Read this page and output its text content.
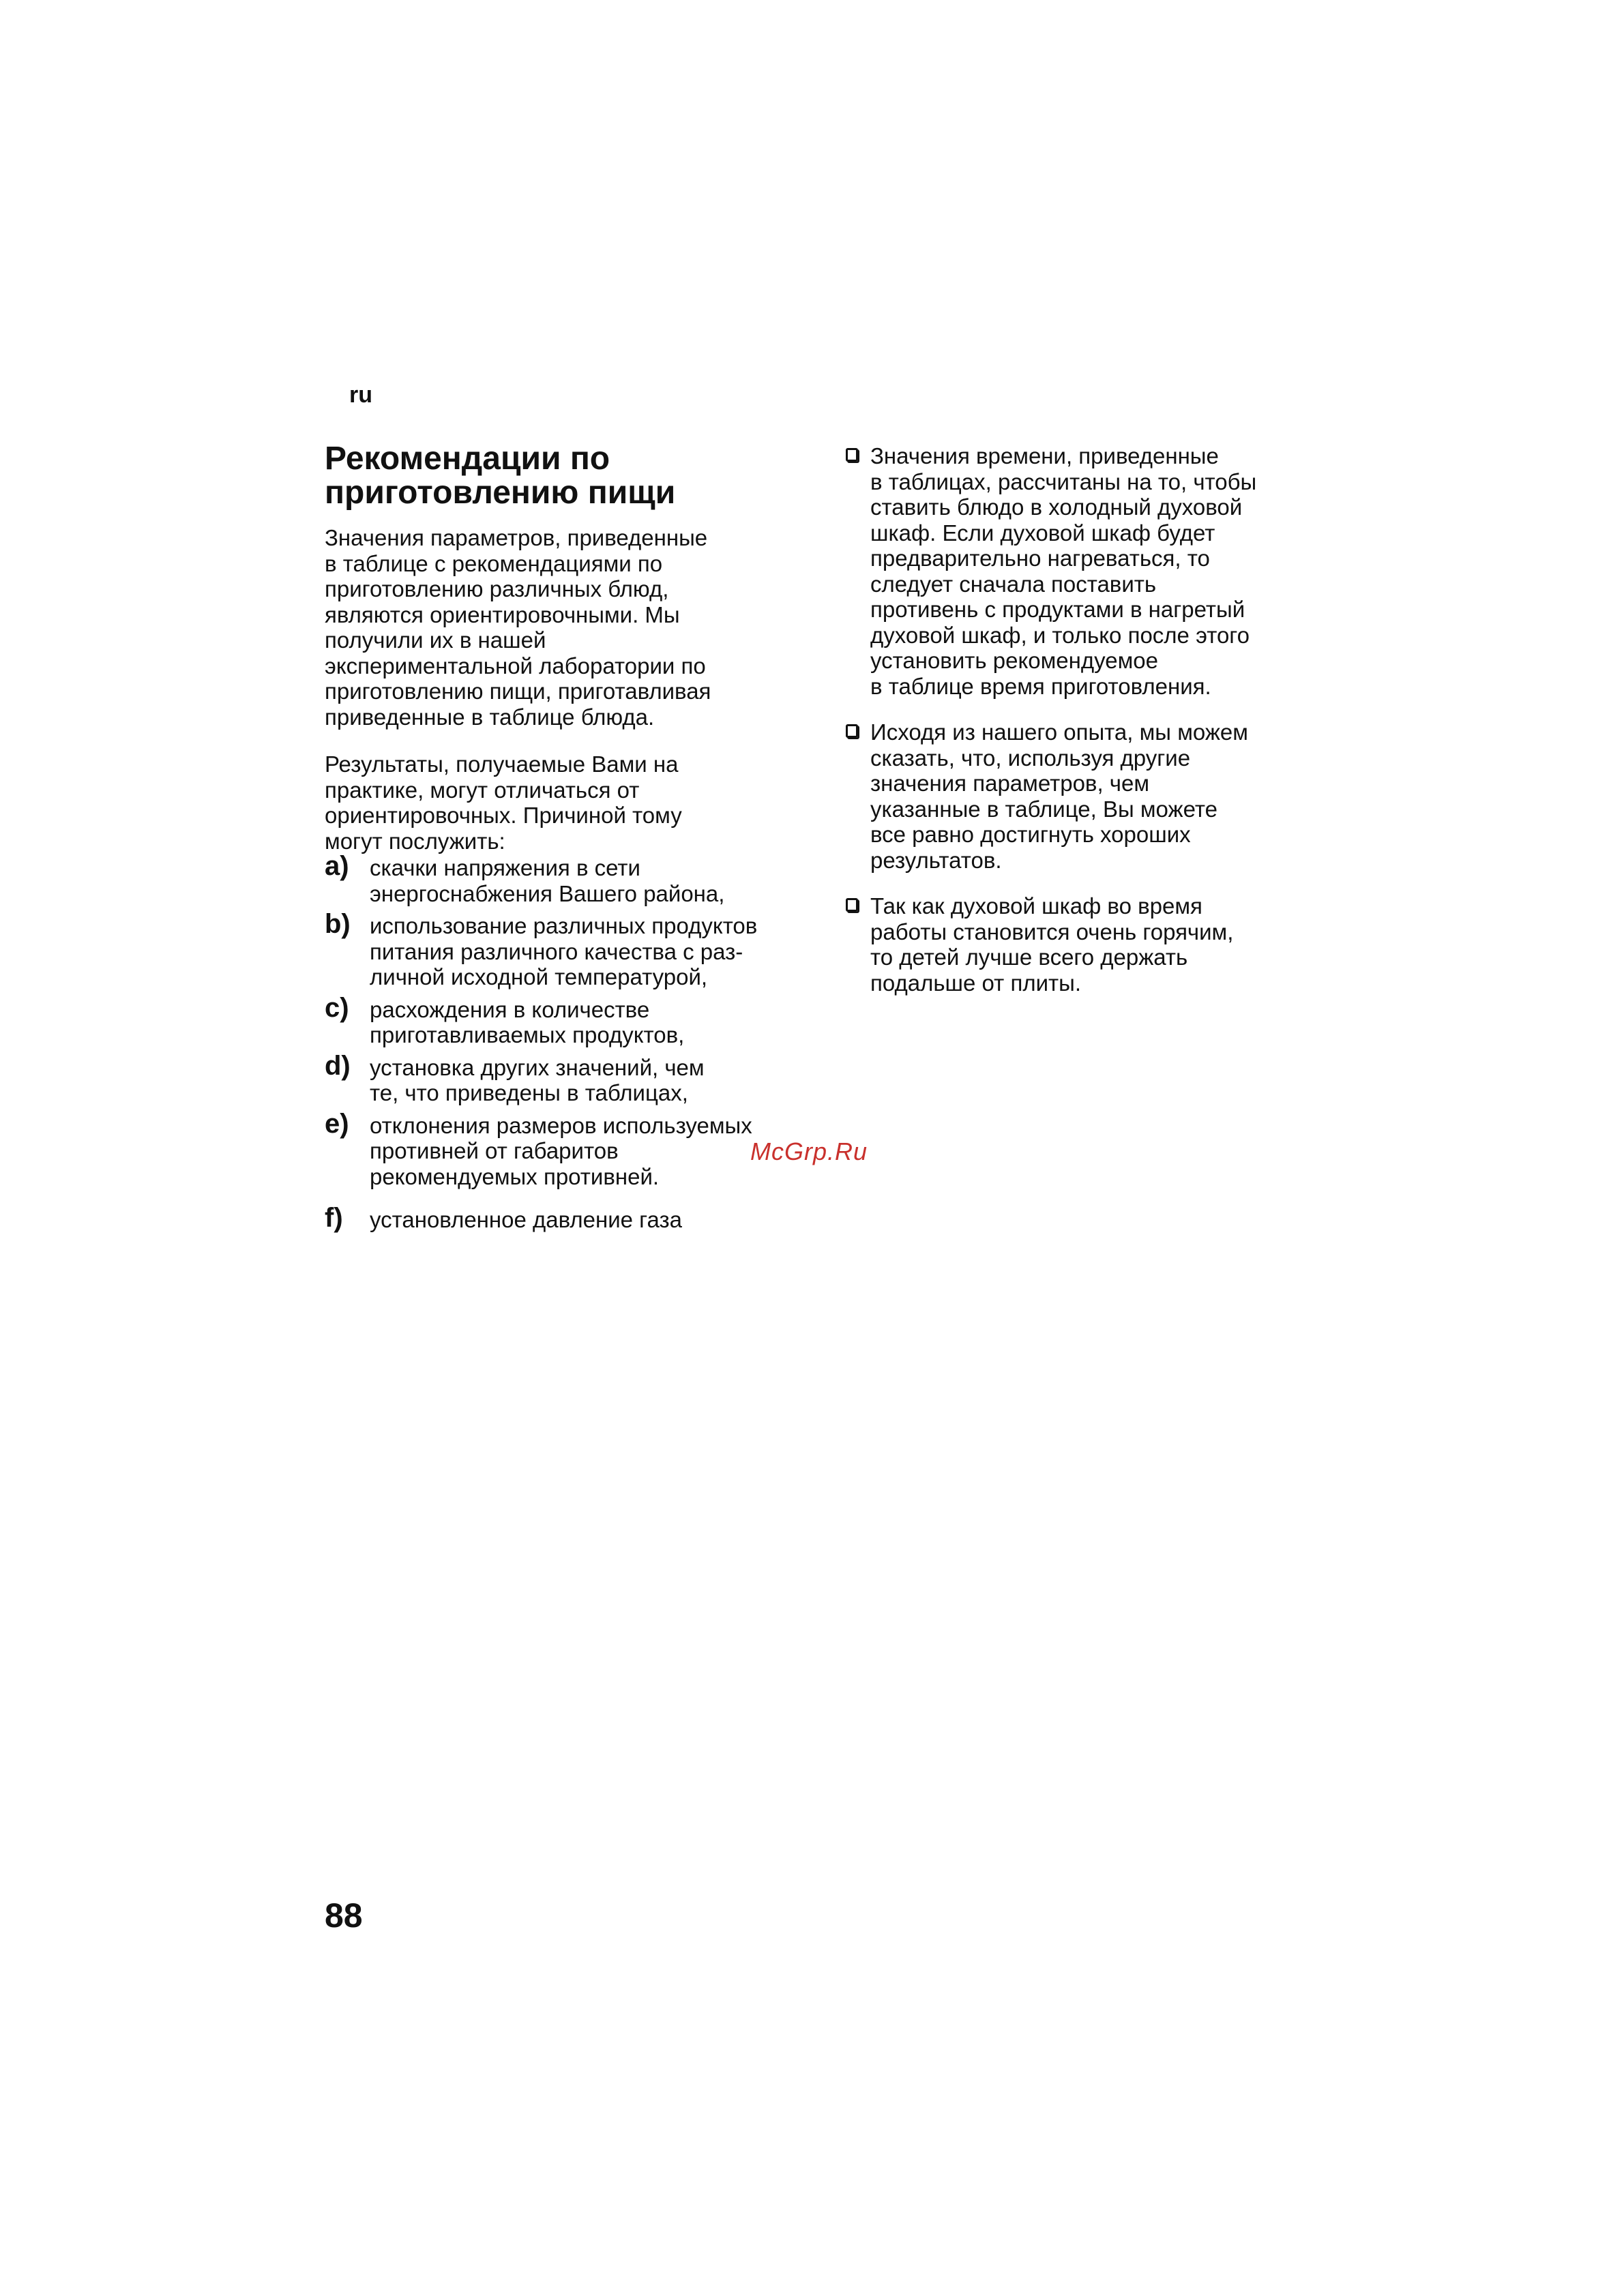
ru
Рекомендации по
приготовлению пищи
Значения параметров, приведенные
в таблице с рекомендациями по
приготовлению различных блюд,
являются ориентировочными. Мы
получили их в нашей
экспериментальной лаборатории по
приготовлению пищи, приготавливая
приведенные в таблице блюда.
Результаты, получаемые Вами на
практике, могут отличаться от
ориентировочных. Причиной тому
могут послужить:
a) скачки напряжения в сети
энергоснабжения Вашего района,
b) использование различных продуктов
питания различного качества с раз-
личной исходной температурой,
c) расхождения в количестве
приготавливаемых продуктов,
d) установка других значений, чем
те, что приведены в таблицах,
e) отклонения размеров используемых
противней от габаритов
рекомендуемых противней.
f) установленное давление газа
Значения времени, приведенные
в таблицах, рассчитаны на то, чтобы
ставить блюдо в холодный духовой
шкаф. Если духовой шкаф будет
предварительно нагреваться, то
следует сначала поставить
противень с продуктами в нагретый
духовой шкаф, и только после этого
установить рекомендуемое
в таблице время приготовления.
Исходя из нашего опыта, мы можем
сказать, что, используя другие
значения параметров, чем
указанные в таблице, Вы можете
все равно достигнуть хороших
результатов.
Так как духовой шкаф во время
работы становится очень горячим,
то детей лучше всего держать
подальше от плиты.
McGrp.Ru
88
